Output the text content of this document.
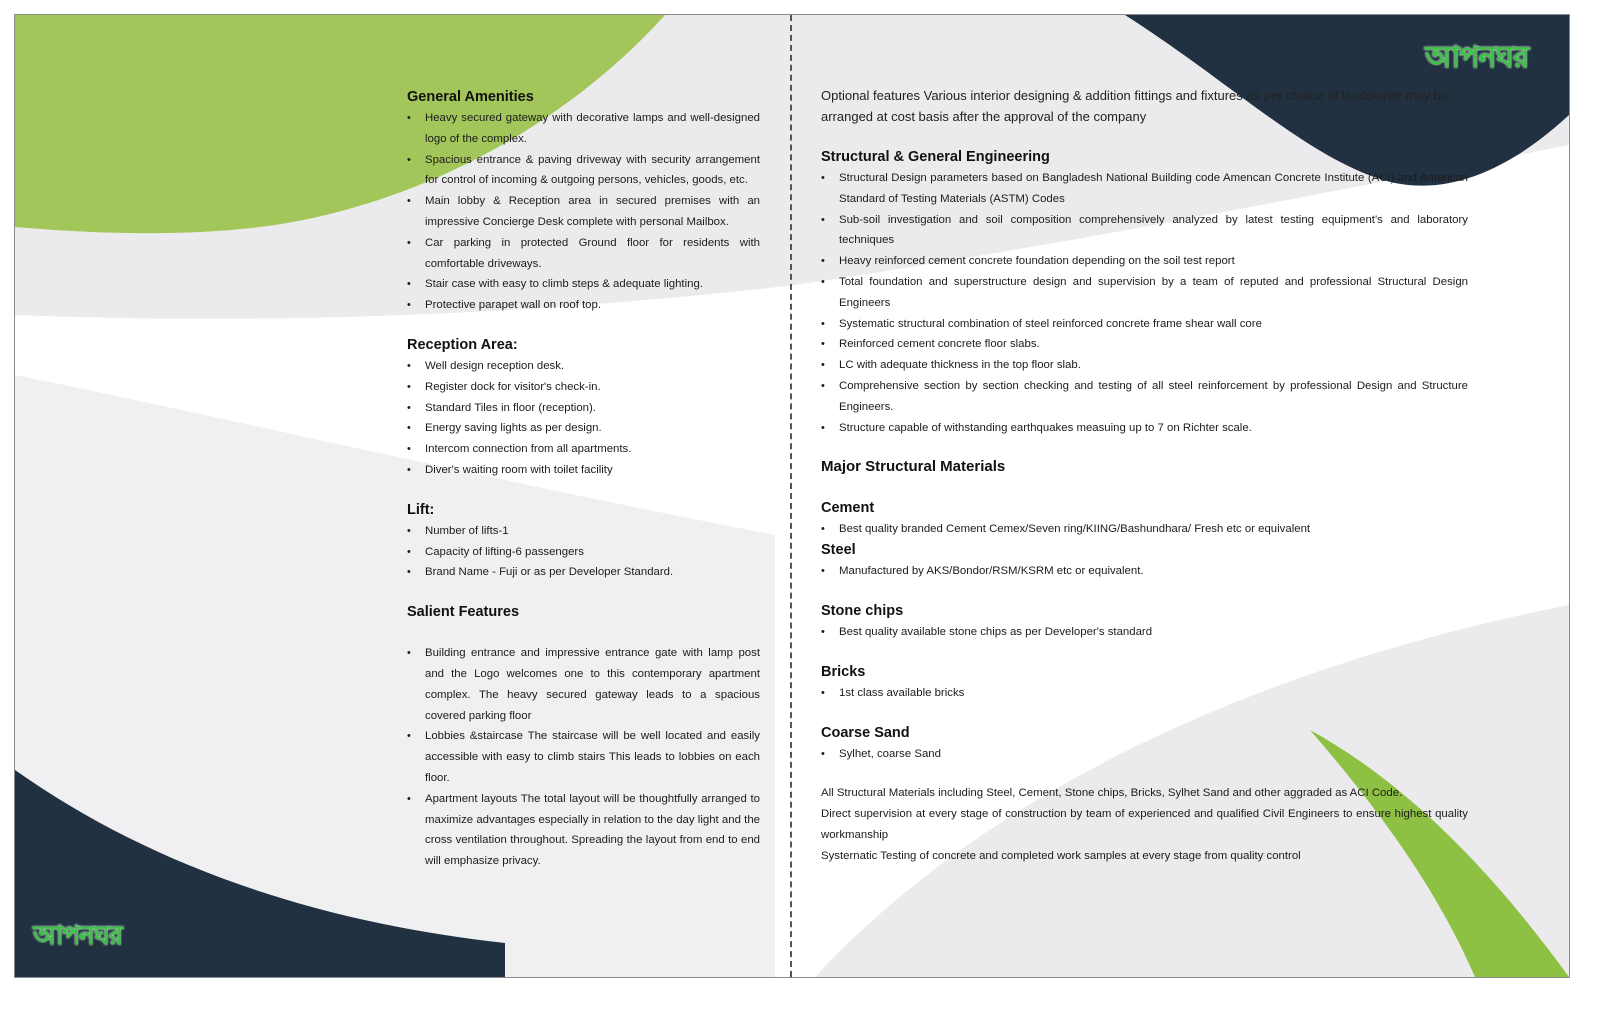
আপনঘর
আপনঘর
General Amenities
• Heavy secured gateway with decorative lamps and well-designed logo of the complex.
• Spacious entrance & paving driveway with security arrangement for control of incoming & outgoing persons, vehicles, goods, etc.
• Main lobby & Reception area in secured premises with an impressive Concierge Desk complete with personal Mailbox.
• Car parking in protected Ground floor for residents with comfortable driveways.
• Stair case with easy to climb steps & adequate lighting.
• Protective parapet wall on roof top.
Reception Area:
• Well design reception desk.
• Register dock for visitor's check-in.
• Standard Tiles in floor (reception).
• Energy saving lights as per design.
• Intercom connection from all apartments.
• Diver's waiting room with toilet facility
Lift:
• Number of lifts-1
• Capacity of lifting-6 passengers
• Brand Name - Fuji or as per Developer Standard.
Salient Features
• Building entrance and impressive entrance gate with lamp post and the Logo welcomes one to this contemporary apartment complex. The heavy secured gateway leads to a spacious covered parking floor
• Lobbies &staircase The staircase will be well located and easily accessible with easy to climb stairs This leads to lobbies on each floor.
• Apartment layouts The total layout will be thoughtfully arranged to maximize advantages especially in relation to the day light and the cross ventilation throughout. Spreading the layout from end to end will emphasize privacy.

Optional features Various interior designing & addition fittings and fixtures as per choice of landowner may be arranged at cost basis after the approval of the company

Structural & General Engineering
• Structural Design parameters based on Bangladesh National Building code Amencan Concrete Institute (ACI) and American Standard of Testing Materials (ASTM) Codes
• Sub-soil investigation and soil composition comprehensively analyzed by latest testing equipment's and laboratory techniques
• Heavy reinforced cement concrete foundation depending on the soil test report
• Total foundation and superstructure design and supervision by a team of reputed and professional Structural Design Engineers
• Systematic structural combination of steel reinforced concrete frame shear wall core
• Reinforced cement concrete floor slabs.
• LC with adequate thickness in the top floor slab.
• Comprehensive section by section checking and testing of all steel reinforcement by professional Design and Structure Engineers.
• Structure capable of withstanding earthquakes measuing up to 7 on Richter scale.
Major Structural Materials
Cement
• Best quality branded Cement Cemex/Seven ring/KIING/Bashundhara/ Fresh etc or equivalent
Steel
• Manufactured by AKS/Bondor/RSM/KSRM etc or equivalent.
Stone chips
• Best quality available stone chips as per Developer's standard
Bricks
• 1st class available bricks
Coarse Sand
• Sylhet, coarse Sand

All Structural Materials including Steel, Cement, Stone chips, Bricks, Sylhet Sand and other aggraded as ACI Code.

Direct supervision at every stage of construction by team of experienced and qualified Civil Engineers to ensure highest quality workmanship

Systernatic Testing of concrete and completed work samples at every stage from quality control
